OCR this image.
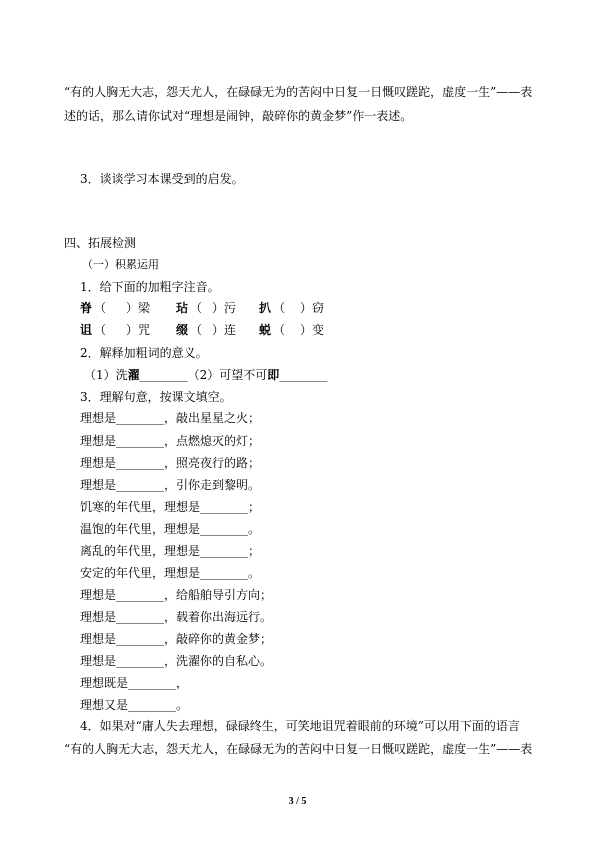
“有的人胸无大志，怨天尤人，在碌碌无为的苦闷中日复一日慨叹蹉跎，虚度一生”——表
述的话，那么请你试对“理想是闹钟，敲碎你的黄金梦”作一表述。
3．谈谈学习本课受到的启发。
四、拓展检测
（一）积累运用
1．给下面的加粗字注音。
脊 （ ）梁 玷 （ ）污 扒 （ ）窃
诅 （ ）咒 缀 （ ）连 蜕 （ ）变
2．解释加粗词的意义。
（1）洗濯________（2）可望不可即________
3．理解句意，按课文填空。
理想是________，敲出星星之火；
理想是________，点燃熄灭的灯；
理想是________，照亮夜行的路；
理想是________，引你走到黎明。
饥寒的年代里，理想是________；
温饱的年代里，理想是________。
离乱的年代里，理想是________；
安定的年代里，理想是________。
理想是________，给船舶导引方向；
理想是________，载着你出海远行。
理想是________，敲碎你的黄金梦；
理想是________，洗濯你的自私心。
理想既是________，
理想又是________。
4．如果对“庸人失去理想，碌碌终生，可笑地诅咒着眼前的环境”可以用下面的语言
“有的人胸无大志，怨天尤人，在碌碌无为的苦闷中日复一日慨叹蹉跎，虚度一生”——表
3 / 5
